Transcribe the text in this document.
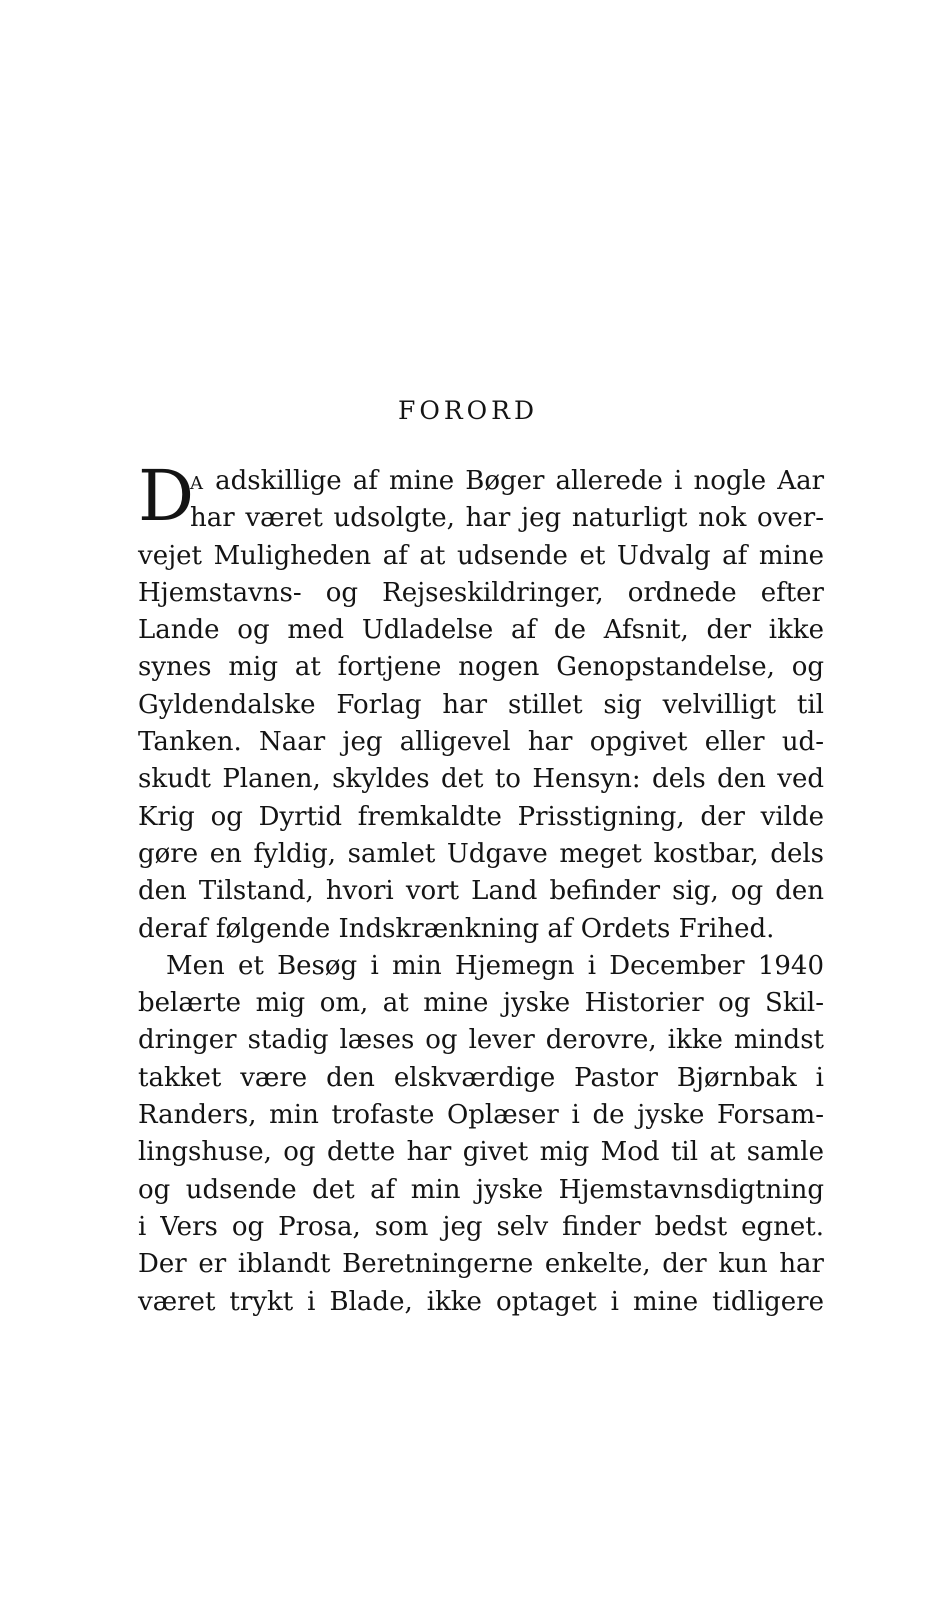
FORORD
D
A adskillige af mine Bøger allerede i nogle Aar
har været udsolgte, har jeg naturligt nok over-
vejet Muligheden af at udsende et Udvalg af mine
Hjemstavns- og Rejseskildringer, ordnede efter
Lande og med Udladelse af de Afsnit, der ikke
synes mig at fortjene nogen Genopstandelse, og
Gyldendalske Forlag har stillet sig velvilligt til
Tanken. Naar jeg alligevel har opgivet eller ud-
skudt Planen, skyldes det to Hensyn: dels den ved
Krig og Dyrtid fremkaldte Prisstigning, der vilde
gøre en fyldig, samlet Udgave meget kostbar, dels
den Tilstand, hvori vort Land befinder sig, og den
deraf følgende Indskrænkning af Ordets Frihed.
Men et Besøg i min Hjemegn i December 1940
belærte mig om, at mine jyske Historier og Skil-
dringer stadig læses og lever derovre, ikke mindst
takket være den elskværdige Pastor Bjørnbak i
Randers, min trofaste Oplæser i de jyske Forsam-
lingshuse, og dette har givet mig Mod til at samle
og udsende det af min jyske Hjemstavnsdigtning
i Vers og Prosa, som jeg selv finder bedst egnet.
Der er iblandt Beretningerne enkelte, der kun har
været trykt i Blade, ikke optaget i mine tidligere
